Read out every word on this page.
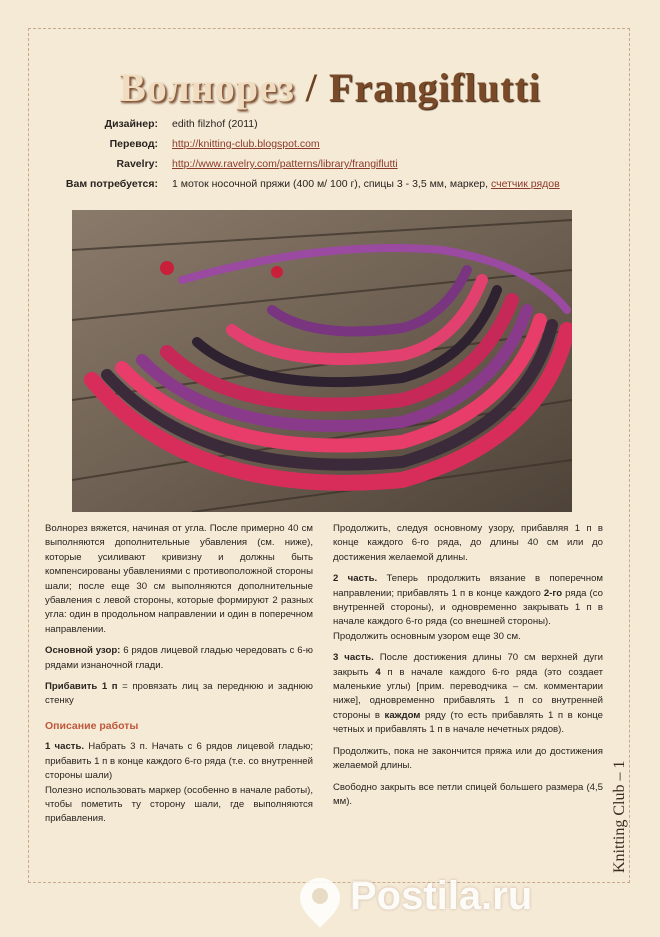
Волнорез / Frangiflutti
Дизайнер: edith filzhof (2011)
Перевод: http://knitting-club.blogspot.com
Ravelry: http://www.ravelry.com/patterns/library/frangiflutti
Вам потребуется: 1 моток носочной пряжи (400 м/ 100 г), спицы 3 - 3,5 мм, маркер, счетчик рядов

Волнорез вяжется, начиная от угла. После примерно 40 см выполняются дополнительные убавления (см. ниже), которые усиливают кривизну и должны быть компенсированы убавлениями с противоположной стороны шали; после еще 30 см выполняются дополнительные убавления с левой стороны, которые формируют 2 разных угла: один в продольном направлении и один в поперечном направлении.

Основной узор: 6 рядов лицевой гладью чередовать с 6-ю рядами изнаночной глади.

Прибавить 1 п = провязать лиц за переднюю и заднюю стенку

Описание работы

1 часть. Набрать 3 п. Начать с 6 рядов лицевой гладью; прибавить 1 п в конце каждого 6-го ряда (т.е. со внутренней стороны шали)
Полезно использовать маркер (особенно в начале работы), чтобы пометить ту сторону шали, где выполняются прибавления.

Продолжить, следуя основному узору, прибавляя 1 п в конце каждого 6-го ряда, до длины 40 см или до достижения желаемой длины.

2 часть. Теперь продолжить вязание в поперечном направлении; прибавлять 1 п в конце каждого 2-го ряда (со внутренней стороны), и одновременно закрывать 1 п в начале каждого 6-го ряда (со внешней стороны).
Продолжить основным узором еще 30 см.

3 часть. После достижения длины 70 см верхней дуги закрыть 4 п в начале каждого 6-го ряда (это создает маленькие углы) [прим. переводчика – см. комментарии ниже], одновременно прибавлять 1 п со внутренней стороны в каждом ряду (то есть прибавлять 1 п в конце четных и прибавлять 1 п в начале нечетных рядов).

Продолжить, пока не закончится пряжа или до достижения желаемой длины.

Свободно закрыть все петли спицей большего размера (4,5 мм).	Knitting Club – 1
Postila.ru
